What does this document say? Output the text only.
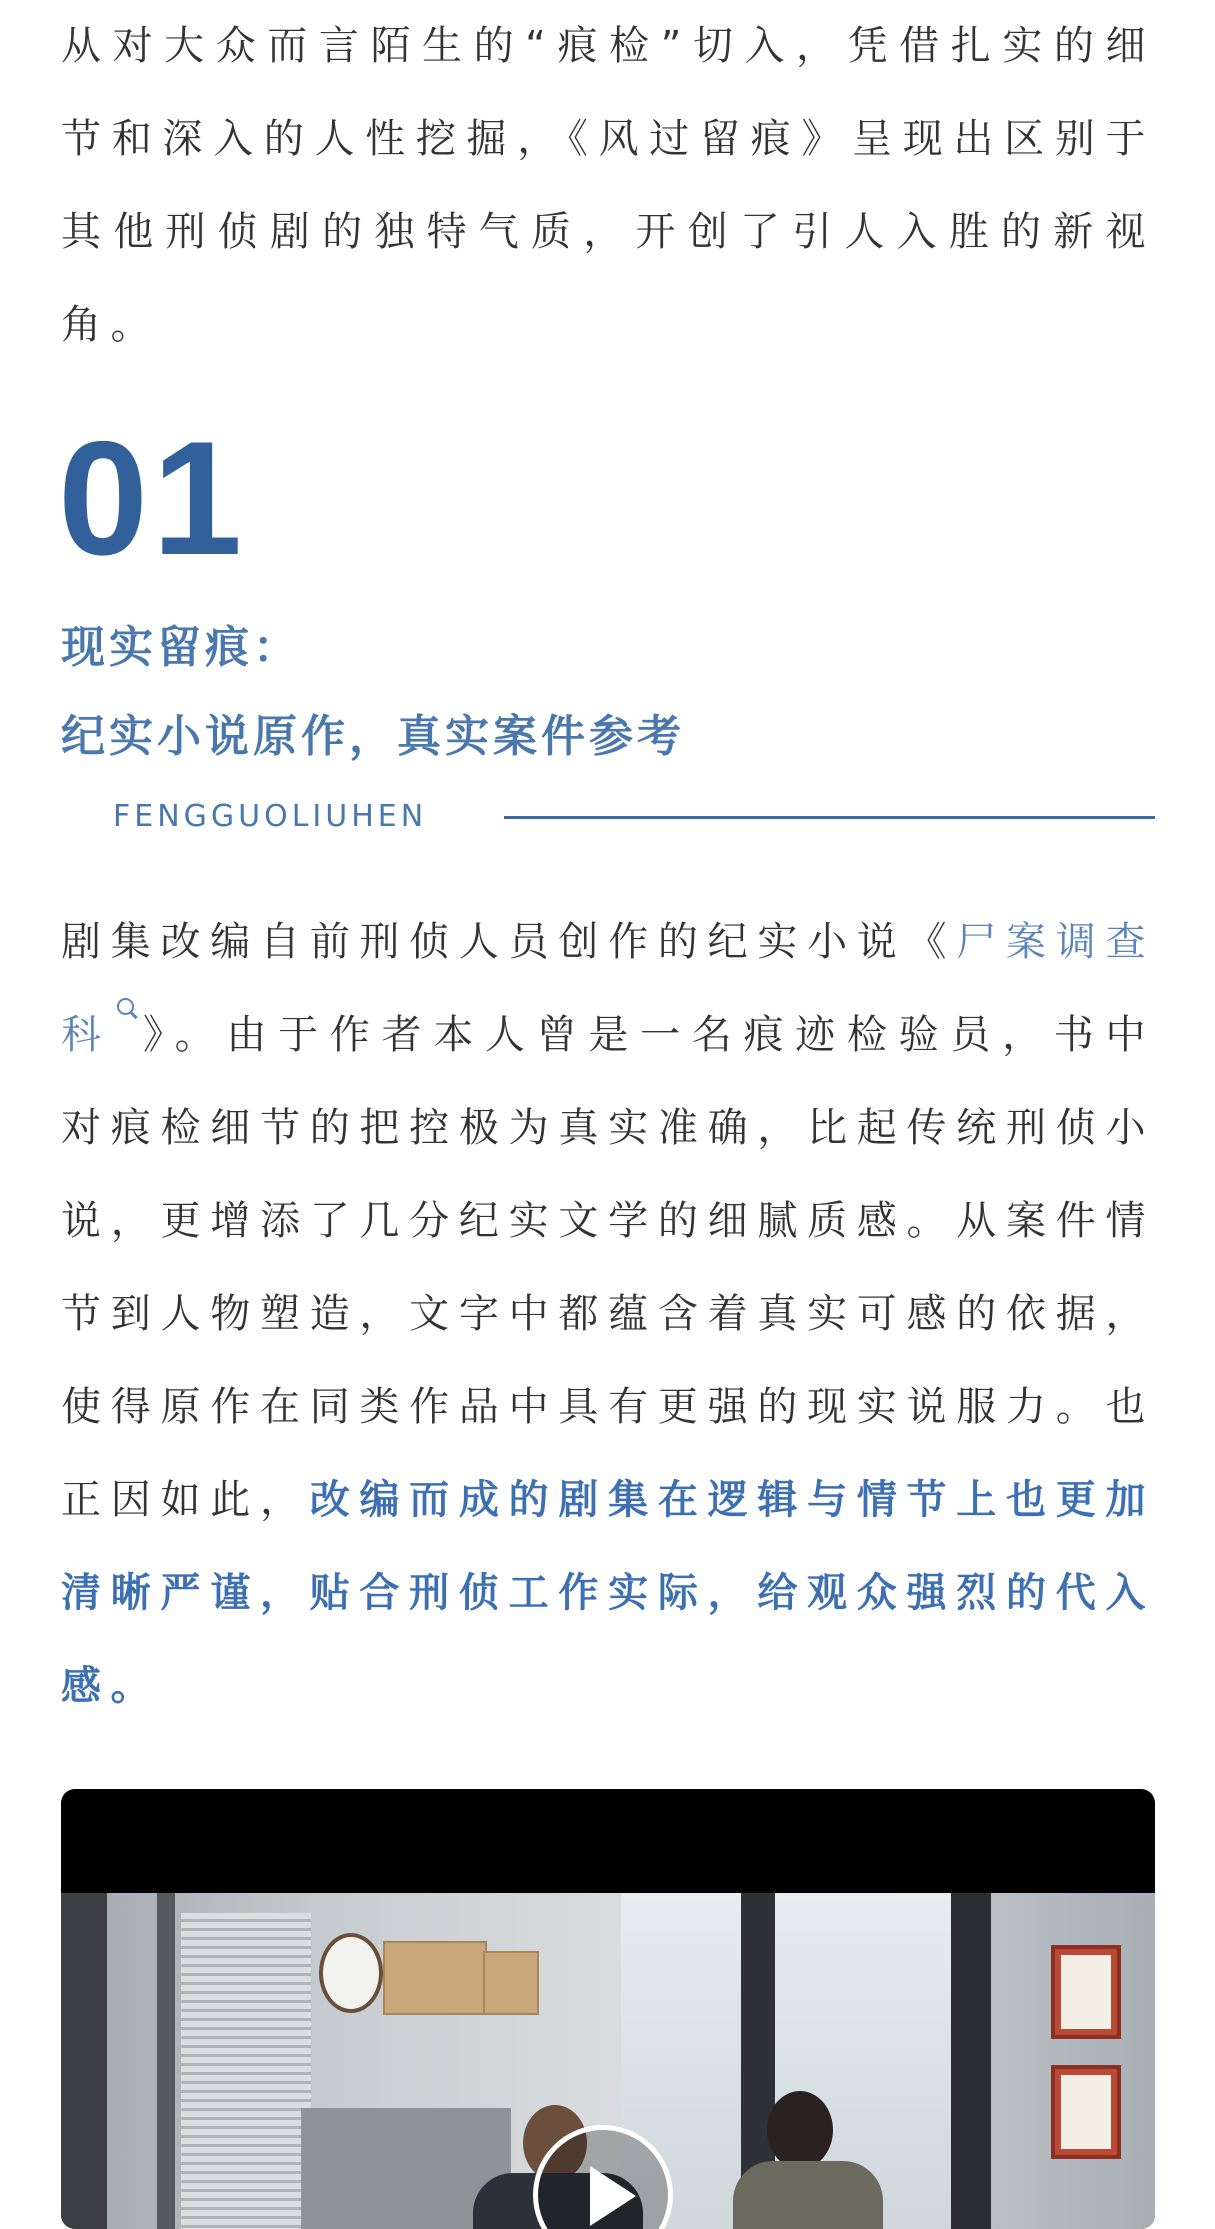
从对大众而言陌生的“痕检”切入，凭借扎实的细节和深入的人性挖掘，《风过留痕》呈现出区别于其他刑侦剧的独特气质，开创了引人入胜的新视角。

01
现实留痕：
纪实小说原作，真实案件参考
FENGGUOLIUHEN

剧集改编自前刑侦人员创作的纪实小说《尸案调查科 》。由于作者本人曾是一名痕迹检验员，书中对痕检细节的把控极为真实准确，比起传统刑侦小说，更增添了几分纪实文学的细腻质感。从案件情节到人物塑造，文字中都蕴含着真实可感的依据，使得原作在同类作品中具有更强的现实说服力。也正因如此，改编而成的剧集在逻辑与情节上也更加清晰严谨，贴合刑侦工作实际，给观众强烈的代入感。
